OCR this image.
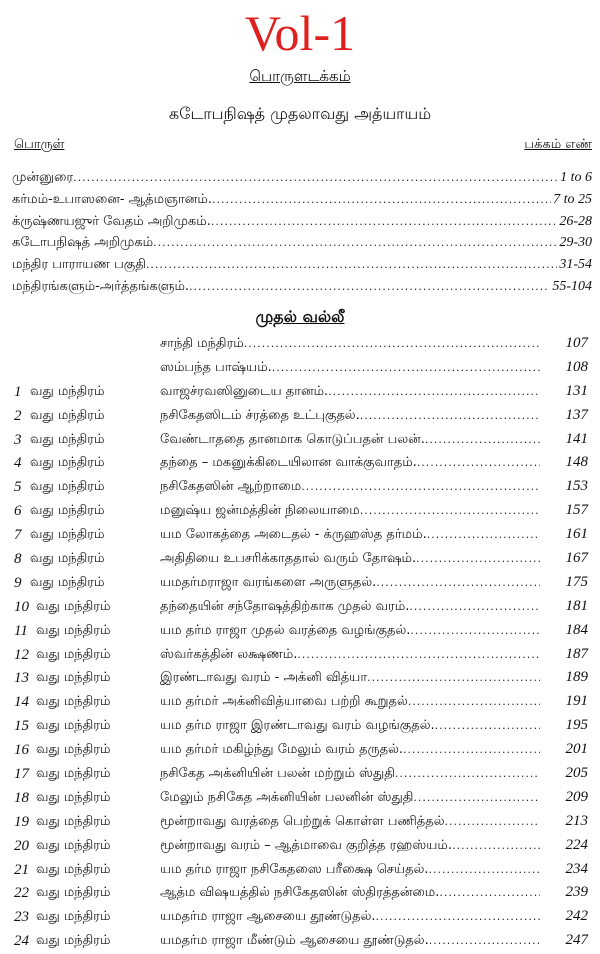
Vol-1
பொருளடக்கம்
கடோபநிஷத் முதலாவது அத்யாயம்
பொருள்	பக்கம் எண்
முன்னுரை .....	1 to 6
கர்மம்-உபாஸனை- ஆத்மஞானம். .....	7 to 25
க்ருஷ்ணயஜுர் வேதம் அறிமுகம். .....	26-28
கடோபநிஷத் அறிமுகம் .....	29-30
மந்திர பாராயண பகுதி .....	31-54
மந்திரங்களும்-அர்த்தங்களும். .....	55-104
முதல் வல்லீ
சாந்தி மந்திரம் .....	107
ஸம்பந்த பாஷ்யம். .....	108
1 வது மந்திரம்	வாஜச்ரவஸினுடைய தானம். .....	131
2 வது மந்திரம்	நசிகேதஸிடம் ச்ரத்தை உட்புகுதல். .....	137
3 வது மந்திரம்	வேண்டாததை தானமாக கொடுப்பதன் பலன். .....	141
4 வது மந்திரம்	தந்தை – மகனுக்கிடையிலான வாக்குவாதம். .....	148
5 வது மந்திரம்	நசிகேதஸின் ஆற்றாமை .....	153
6 வது மந்திரம்	மனுஷ்ய ஜன்மத்தின் நிலையாமை .....	157
7 வது மந்திரம்	யம லோகத்தை அடைதல் - க்ருஹஸ்த தர்மம். .....	161
8 வது மந்திரம்	அதிதியை உபசரிக்காததால் வரும் தோஷம். .....	167
9 வது மந்திரம்	யமதர்மராஜா வரங்களை அருளுதல். .....	175
10 வது மந்திரம்	தந்தையின் சந்தோஷத்திற்காக முதல் வரம். .....	181
11 வது மந்திரம்	யம தர்ம ராஜா முதல் வரத்தை வழங்குதல். .....	184
12 வது மந்திரம்	ஸ்வர்கத்தின் லக்ஷணம். .....	187
13 வது மந்திரம்	இரண்டாவது வரம் - அக்னி வித்யா .....	189
14 வது மந்திரம்	யம தர்மர் அக்னிவித்யாவை பற்றி கூறுதல் .....	191
15 வது மந்திரம்	யம தர்ம ராஜா இரண்டாவது வரம் வழங்குதல். .....	195
16 வது மந்திரம்	யம தர்மர் மகிழ்ந்து மேலும் வரம் தருதல். .....	201
17 வது மந்திரம்	நசிகேத அக்னியின் பலன் மற்றும் ஸ்துதி .....	205
18 வது மந்திரம்	மேலும் நசிகேத அக்னியின் பலனின் ஸ்துதி .....	209
19 வது மந்திரம்	மூன்றாவது வரத்தை பெற்றுக் கொள்ள பணித்தல் .....	213
20 வது மந்திரம்	மூன்றாவது வரம் – ஆத்மாவை குறித்த ரஹஸ்யம். .....	224
21 வது மந்திரம்	யம தர்ம ராஜா நசிகேதஸை பரீக்ஷை செய்தல். .....	234
22 வது மந்திரம்	ஆத்ம விஷயத்தில் நசிகேதஸின் ஸ்திரத்தன்மை. .....	239
23 வது மந்திரம்	யமதர்ம ராஜா ஆசையை தூண்டுதல். .....	242
24 வது மந்திரம்	யமதர்ம ராஜா மீண்டும் ஆசையை தூண்டுதல். .....	247
